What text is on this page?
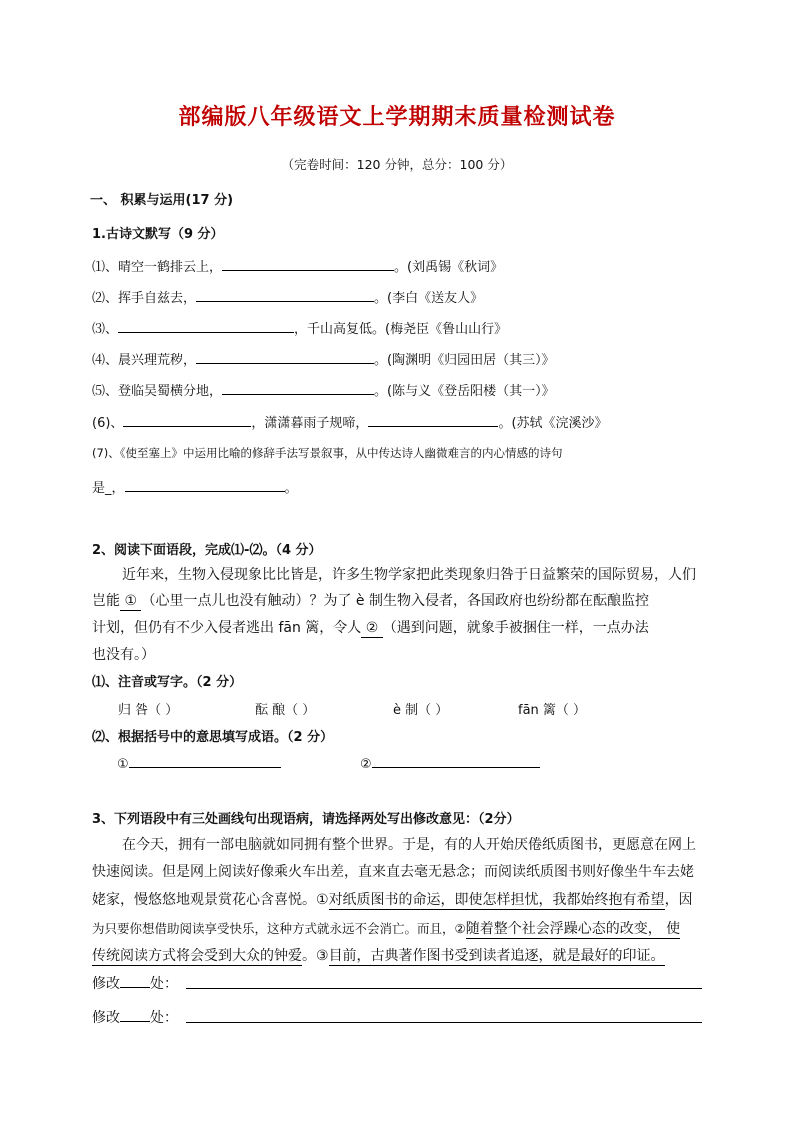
部编版八年级语文上学期期末质量检测试卷
（完卷时间：120 分钟，总分：100 分）
一、 积累与运用(17 分)
1.古诗文默写（9 分）
⑴、晴空一鹤排云上，	。(刘禹锡《秋词》
⑵、挥手自兹去，	。(李白《送友人》
⑶、	，千山高复低。(梅尧臣《鲁山山行》
⑷、晨兴理荒秽，	。(陶渊明《归园田居（其三）》
⑸、登临吴蜀横分地，	。(陈与义《登岳阳楼（其一）》
(6)、	，潇潇暮雨子规啼，	。(苏轼《浣溪沙》
(7)、《使至塞上》中运用比喻的修辞手法写景叙事，从中传达诗人幽微难言的内心情感的诗句
是_，	。
2、阅读下面语段，完成⑴-⑵。（4 分）
近年来，生物入侵现象比比皆是，许多生物学家把此类现象归咎于日益繁荣的国际贸易，人们
岂能 ① （心里一点儿也没有触动）？为了 è 制生物入侵者，各国政府也纷纷都在酝酿监控
计划，但仍有不少入侵者逃出 fān 篱，令人 ② （遇到问题，就象手被捆住一样，一点办法
也没有。）
⑴、注音或写字。（2 分）
归 咎（ ）	酝 酿（ ）	è 制（ ）	fān 篱（ ）
⑵、根据括号中的意思填写成语。（2 分）
①	②
3、下列语段中有三处画线句出现语病，请选择两处写出修改意见：（2分）
在今天，拥有一部电脑就如同拥有整个世界。于是，有的人开始厌倦纸质图书，更愿意在网上
快速阅读。但是网上阅读好像乘火车出差，直来直去毫无悬念；而阅读纸质图书则好像坐牛车去姥
姥家，慢悠悠地观景赏花心含喜悦。①对纸质图书的命运，即使怎样担忧，我都始终抱有希望，因
为只要你想借助阅读享受快乐，这种方式就永远不会消亡。而且，②随着整个社会浮躁心态的改变， 使
传统阅读方式将会受到大众的钟爱。③目前，古典著作图书受到读者追逐，就是最好的印证。
修改 处：
修改 处：
